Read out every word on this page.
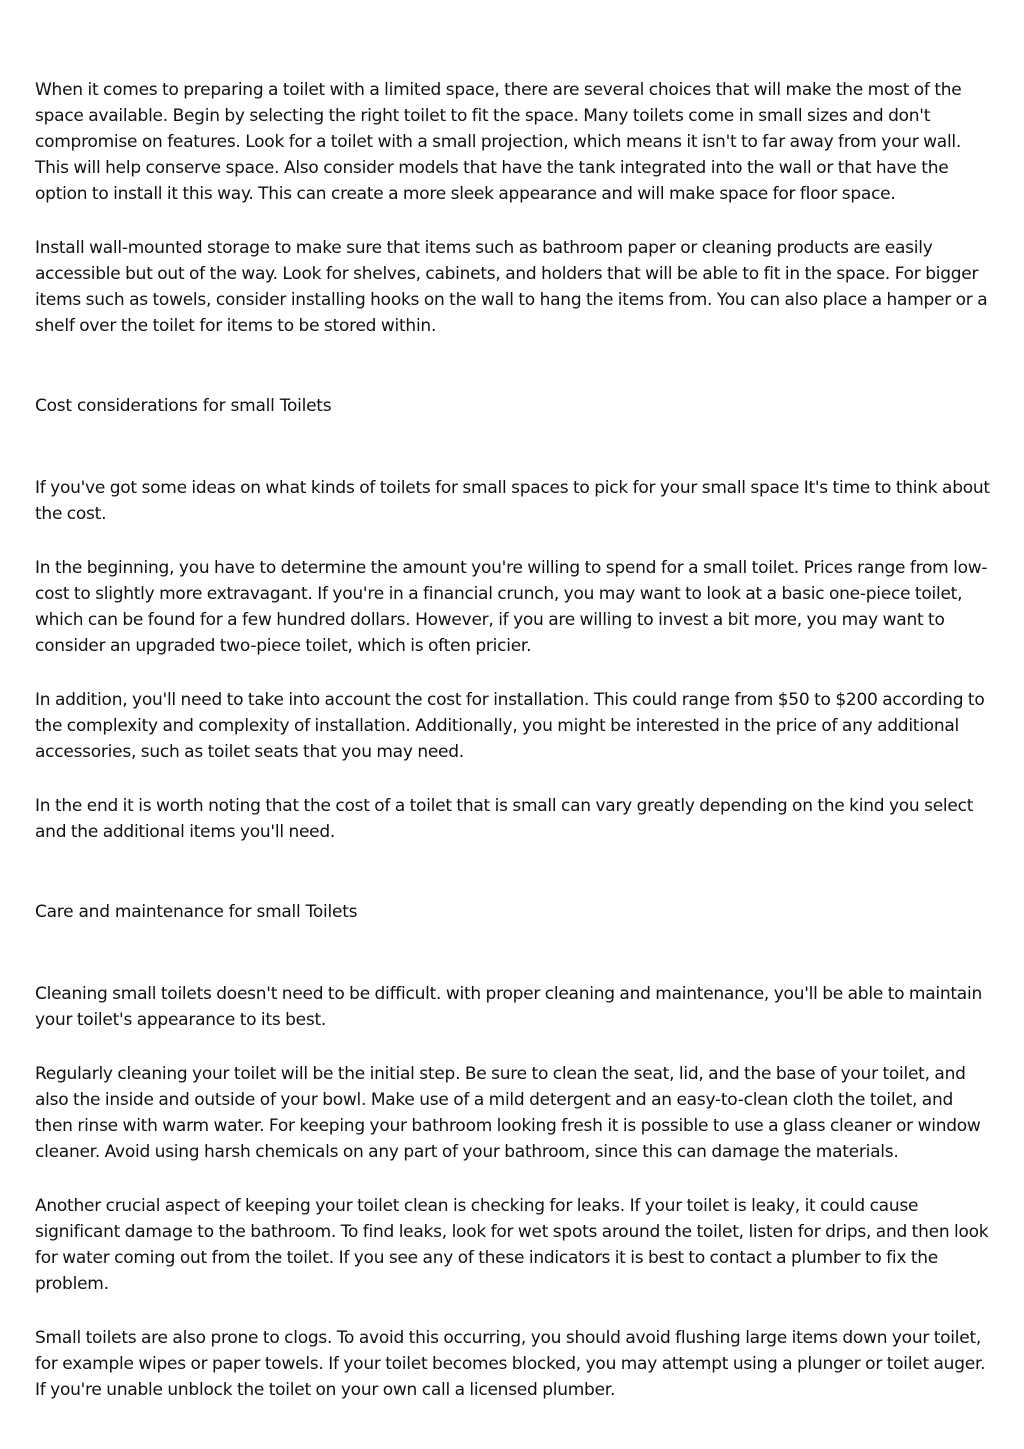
When it comes to preparing a toilet with a limited space, there are several choices that will make the most of the space available. Begin by selecting the right toilet to fit the space. Many toilets come in small sizes and don't compromise on features. Look for a toilet with a small projection, which means it isn't to far away from your wall. This will help conserve space. Also consider models that have the tank integrated into the wall or that have the option to install it this way. This can create a more sleek appearance and will make space for floor space.

Install wall-mounted storage to make sure that items such as bathroom paper or cleaning products are easily accessible but out of the way. Look for shelves, cabinets, and holders that will be able to fit in the space. For bigger items such as towels, consider installing hooks on the wall to hang the items from. You can also place a hamper or a shelf over the toilet for items to be stored within.

Cost considerations for small Toilets

If you've got some ideas on what kinds of toilets for small spaces to pick for your small space It's time to think about the cost.

In the beginning, you have to determine the amount you're willing to spend for a small toilet. Prices range from low-cost to slightly more extravagant. If you're in a financial crunch, you may want to look at a basic one-piece toilet, which can be found for a few hundred dollars. However, if you are willing to invest a bit more, you may want to consider an upgraded two-piece toilet, which is often pricier.

In addition, you'll need to take into account the cost for installation. This could range from $50 to $200 according to the complexity and complexity of installation. Additionally, you might be interested in the price of any additional accessories, such as toilet seats that you may need.

In the end it is worth noting that the cost of a toilet that is small can vary greatly depending on the kind you select and the additional items you'll need.

Care and maintenance for small Toilets

Cleaning small toilets doesn't need to be difficult. with proper cleaning and maintenance, you'll be able to maintain your toilet's appearance to its best.

Regularly cleaning your toilet will be the initial step. Be sure to clean the seat, lid, and the base of your toilet, and also the inside and outside of your bowl. Make use of a mild detergent and an easy-to-clean cloth the toilet, and then rinse with warm water. For keeping your bathroom looking fresh it is possible to use a glass cleaner or window cleaner. Avoid using harsh chemicals on any part of your bathroom, since this can damage the materials.

Another crucial aspect of keeping your toilet clean is checking for leaks. If your toilet is leaky, it could cause significant damage to the bathroom. To find leaks, look for wet spots around the toilet, listen for drips, and then look for water coming out from the toilet. If you see any of these indicators it is best to contact a plumber to fix the problem.

Small toilets are also prone to clogs. To avoid this occurring, you should avoid flushing large items down your toilet, for example wipes or paper towels. If your toilet becomes blocked, you may attempt using a plunger or toilet auger. If you're unable unblock the toilet on your own call a licensed plumber.
